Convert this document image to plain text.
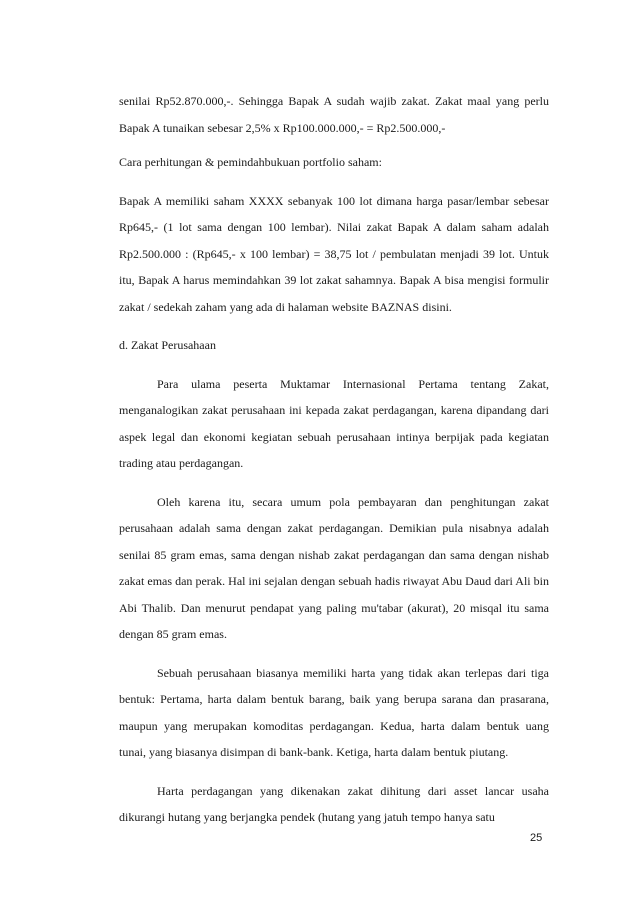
senilai Rp52.870.000,-. Sehingga Bapak A sudah wajib zakat. Zakat maal yang perlu Bapak A tunaikan sebesar 2,5% x Rp100.000.000,- = Rp2.500.000,-

Cara perhitungan & pemindahbukuan portfolio saham:

Bapak A memiliki saham XXXX sebanyak 100 lot dimana harga pasar/lembar sebesar Rp645,- (1 lot sama dengan 100 lembar). Nilai zakat Bapak A dalam saham adalah Rp2.500.000 : (Rp645,- x 100 lembar) = 38,75 lot / pembulatan menjadi 39 lot. Untuk itu, Bapak A harus memindahkan 39 lot zakat sahamnya. Bapak A bisa mengisi formulir zakat / sedekah zaham yang ada di halaman website BAZNAS disini.

d. Zakat Perusahaan

Para ulama peserta Muktamar Internasional Pertama tentang Zakat, menganalogikan zakat perusahaan ini kepada zakat perdagangan, karena dipandang dari aspek legal dan ekonomi kegiatan sebuah perusahaan intinya berpijak pada kegiatan trading atau perdagangan.

Oleh karena itu, secara umum pola pembayaran dan penghitungan zakat perusahaan adalah sama dengan zakat perdagangan. Demikian pula nisabnya adalah senilai 85 gram emas, sama dengan nishab zakat perdagangan dan sama dengan nishab zakat emas dan perak. Hal ini sejalan dengan sebuah hadis riwayat Abu Daud dari Ali bin Abi Thalib. Dan menurut pendapat yang paling mu'tabar (akurat), 20 misqal itu sama dengan 85 gram emas.

Sebuah perusahaan biasanya memiliki harta yang tidak akan terlepas dari tiga bentuk: Pertama, harta dalam bentuk barang, baik yang berupa sarana dan prasarana, maupun yang merupakan komoditas perdagangan. Kedua, harta dalam bentuk uang tunai, yang biasanya disimpan di bank-bank. Ketiga, harta dalam bentuk piutang.

Harta perdagangan yang dikenakan zakat dihitung dari asset lancar usaha dikurangi hutang yang berjangka pendek (hutang yang jatuh tempo hanya satu

25
